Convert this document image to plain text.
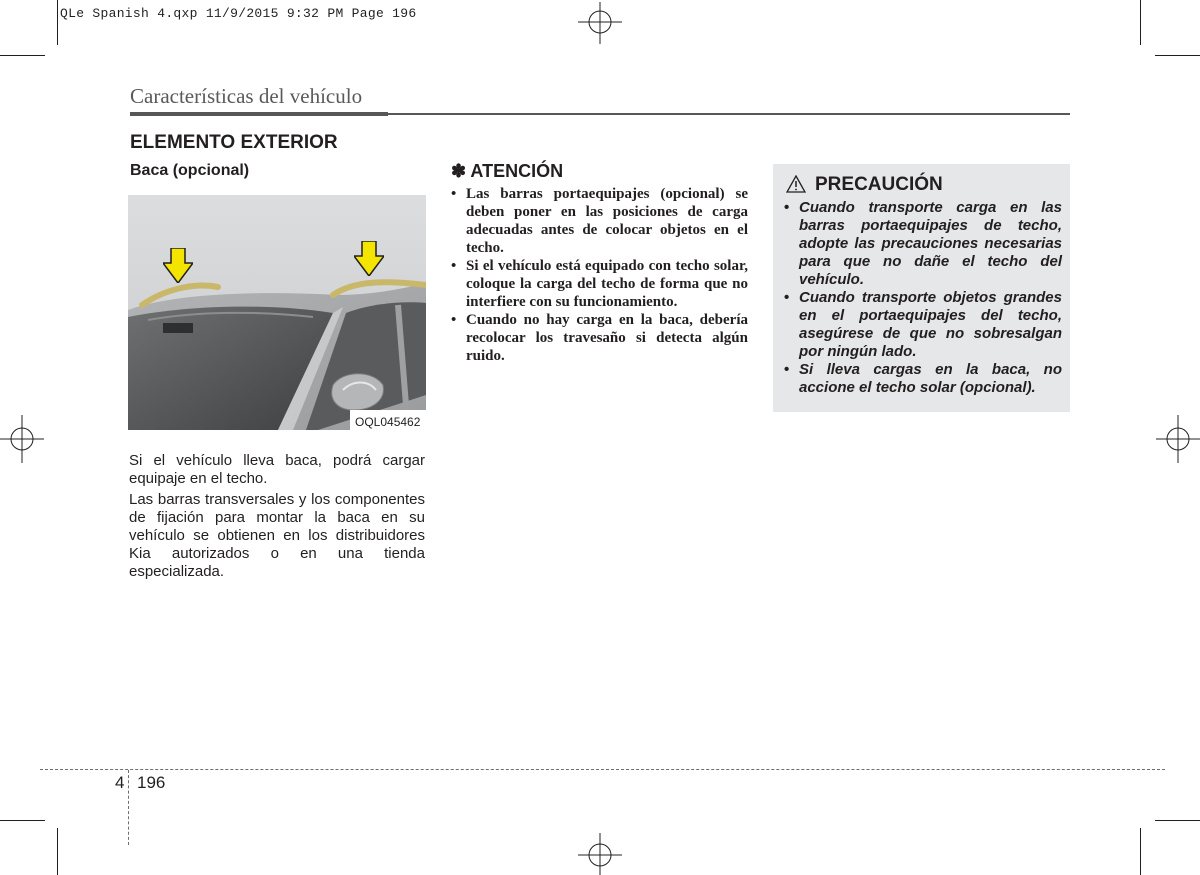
QLe Spanish 4.qxp 11/9/2015 9:32 PM Page 196
Características del vehículo
ELEMENTO EXTERIOR
Baca (opcional)
OQL045462
Si el vehículo lleva baca, podrá cargar equipaje en el techo.
Las barras transversales y los componentes de fijación para montar la baca en su vehículo se obtienen en los distribuidores Kia autorizados o en una tienda especializada.
✽ ATENCIÓN
• Las barras portaequipajes (opcional) se deben poner en las posiciones de carga adecuadas antes de colocar objetos en el techo.
• Si el vehículo está equipado con techo solar, coloque la carga del techo de forma que no interfiere con su funcionamiento.
• Cuando no hay carga en la baca, debería recolocar los travesaño si detecta algún ruido.
PRECAUCIÓN
• Cuando transporte carga en las barras portaequipajes de techo, adopte las precauciones necesarias para que no dañe el techo del vehículo.
• Cuando transporte objetos grandes en el portaequipajes del techo, asegúrese de que no sobresalgan por ningún lado.
• Si lleva cargas en la baca, no accione el techo solar (opcional).
4 196
